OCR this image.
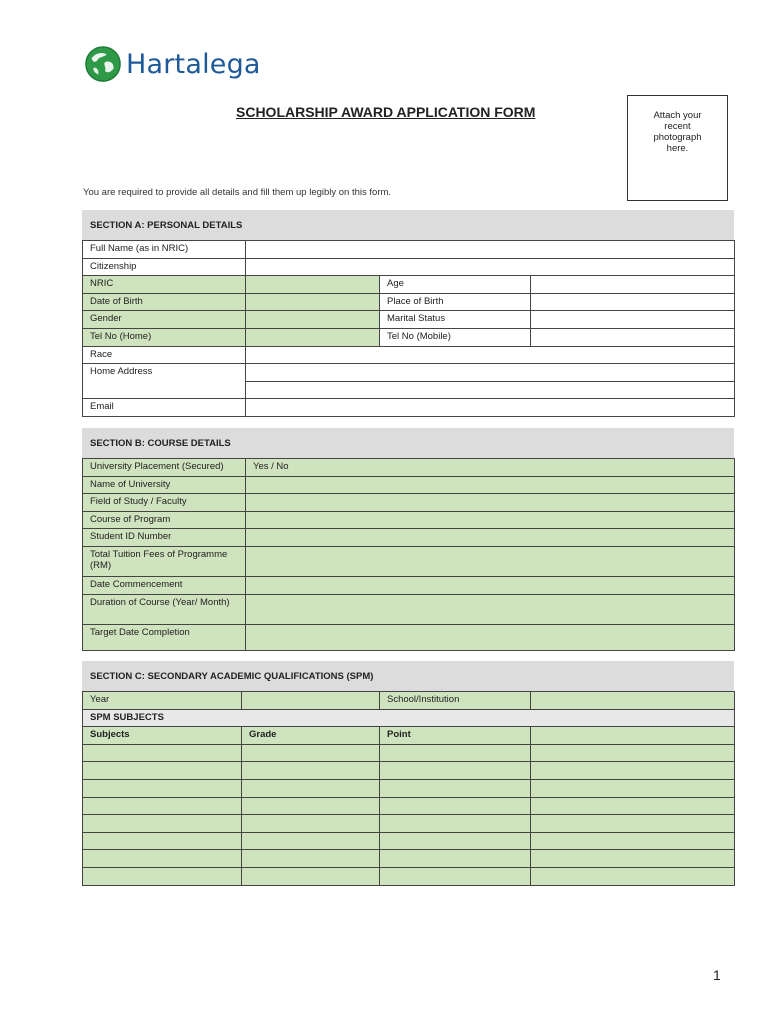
Hartalega
SCHOLARSHIP AWARD APPLICATION FORM	Attach your recent photograph here.
You are required to provide all details and fill them up legibly on this form.
SECTION A: PERSONAL DETAILS
Full Name (as in NRIC)			
Citizenship			
NRIC		Age	
Date of Birth		Place of Birth	
Gender		Marital Status	
Tel No (Home)		Tel No (Mobile)	
Race			
Home Address			

Email			
SECTION B: COURSE DETAILS
University Placement (Secured)	Yes / No
Name of University	
Field of Study / Faculty	
Course of Program	
Student ID Number	
Total Tuition Fees of Programme (RM)	
Date Commencement	
Duration of Course (Year/ Month)	
Target Date Completion	
SECTION C: SECONDARY ACADEMIC QUALIFICATIONS (SPM)
Year		School/Institution	
SPM SUBJECTS			
Subjects	Grade	Point	

1
